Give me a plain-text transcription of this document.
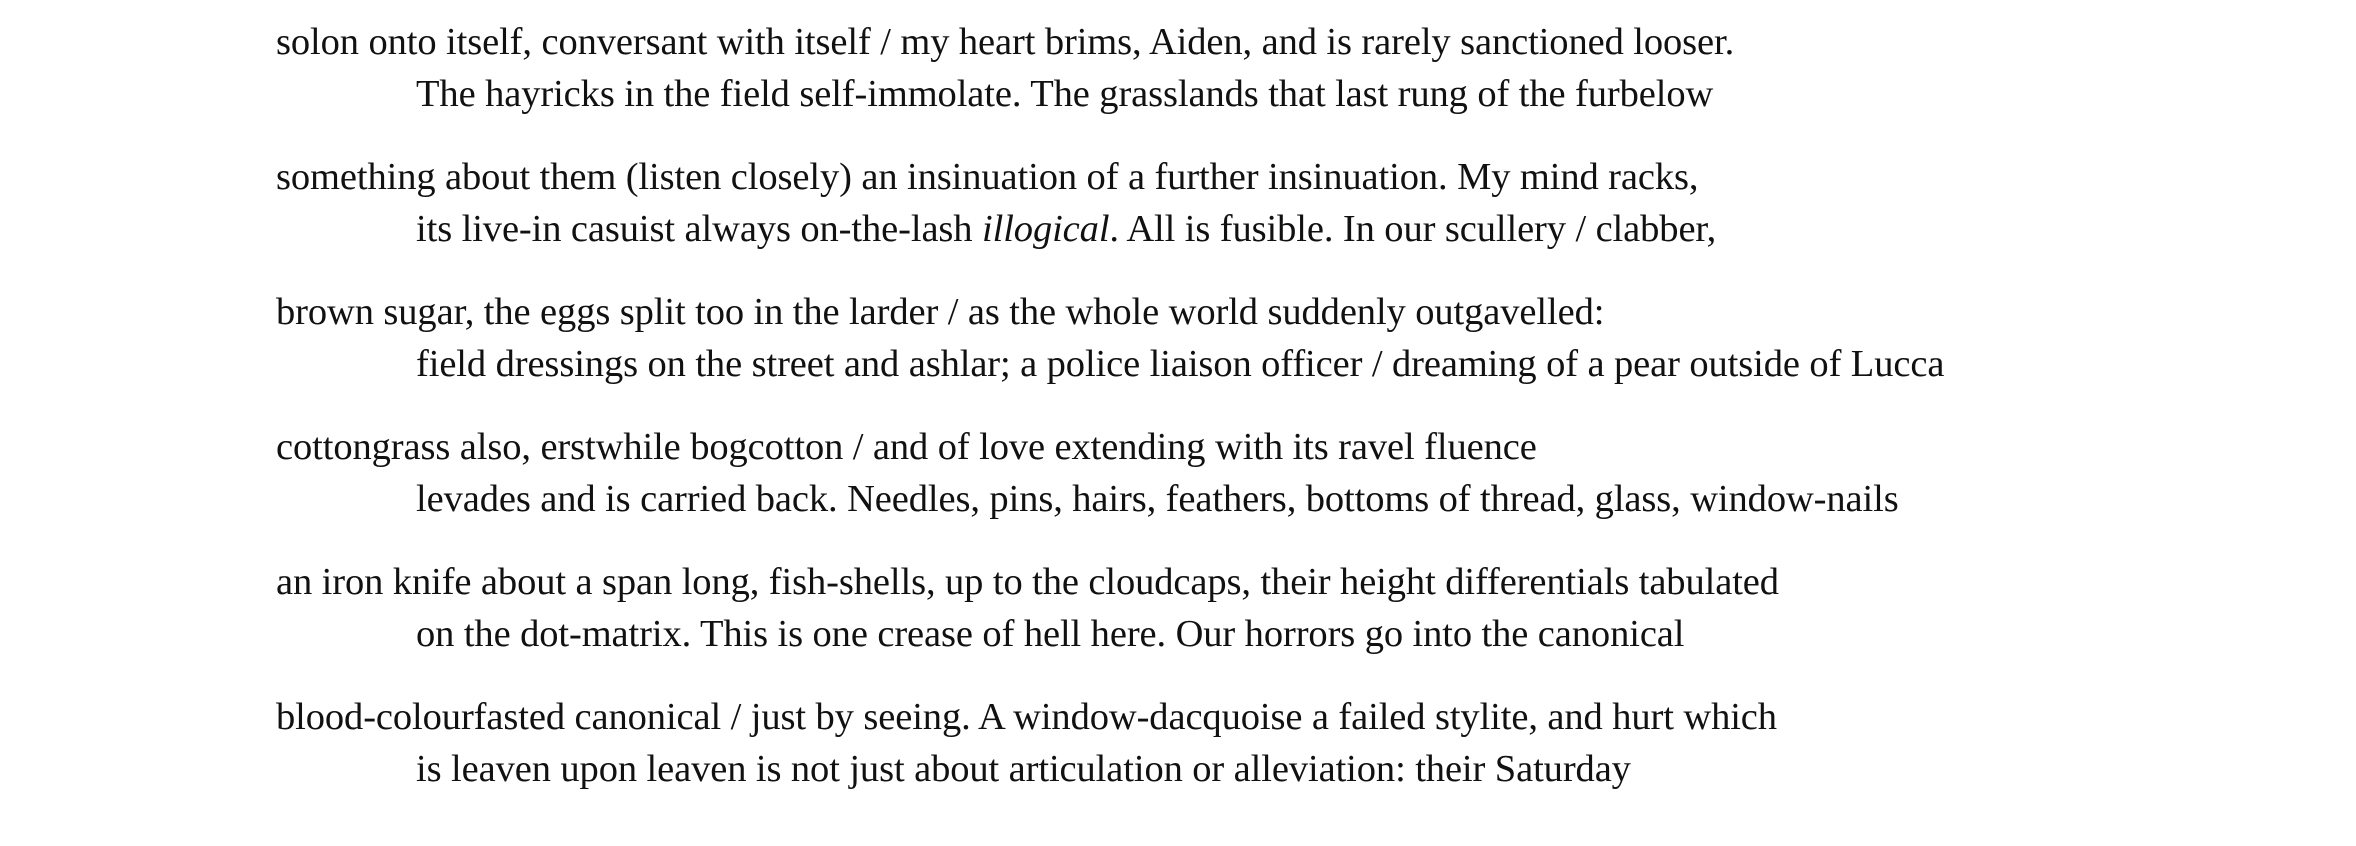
solon onto itself, conversant with itself / my heart brims, Aiden, and is rarely sanctioned looser.
The hayricks in the field self-immolate. The grasslands that last rung of the furbelow
something about them (listen closely) an insinuation of a further insinuation. My mind racks,
its live-in casuist always on-the-lash illogical. All is fusible. In our scullery / clabber,
brown sugar, the eggs split too in the larder / as the whole world suddenly outgavelled:
field dressings on the street and ashlar; a police liaison officer / dreaming of a pear outside of Lucca
cottongrass also, erstwhile bogcotton / and of love extending with its ravel fluence
levades and is carried back. Needles, pins, hairs, feathers, bottoms of thread, glass, window-nails
an iron knife about a span long, fish-shells, up to the cloudcaps, their height differentials tabulated
on the dot-matrix. This is one crease of hell here. Our horrors go into the canonical
blood-colourfasted canonical / just by seeing. A window-dacquoise a failed stylite, and hurt which
is leaven upon leaven is not just about articulation or alleviation: their Saturday
